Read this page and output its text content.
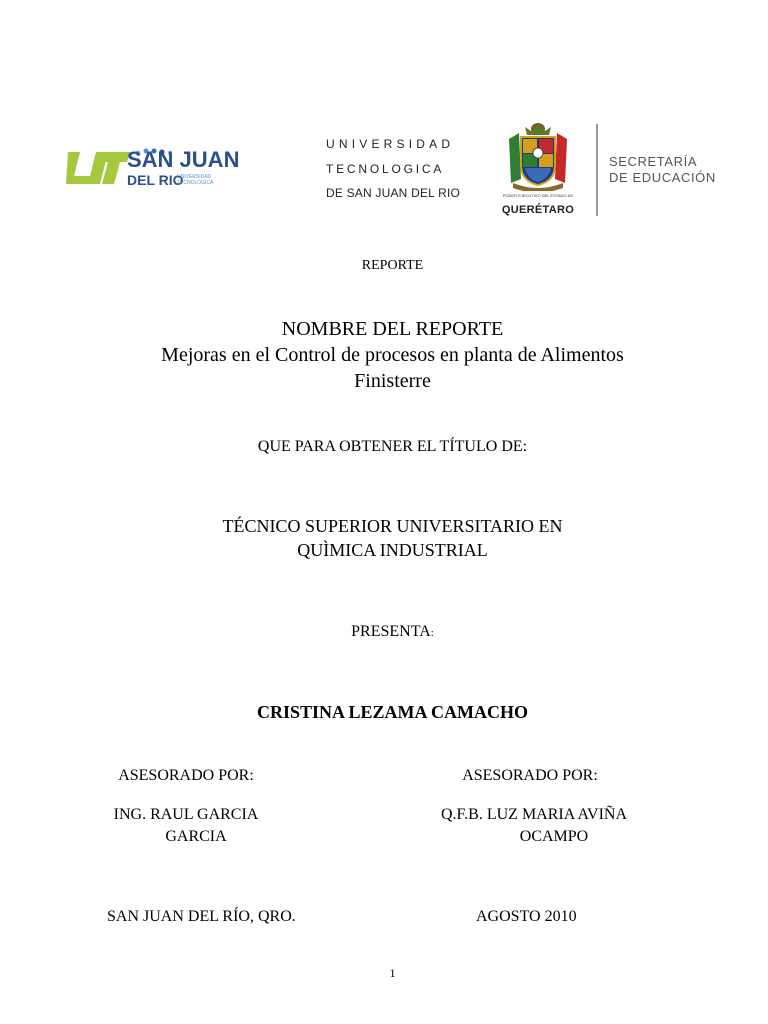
SAN JUAN
DEL RIO
UNIVERSIDAD TECNOLÓGICA
UNIVERSIDAD
TECNOLOGICA
DE SAN JUAN DEL RIO	PODER EJECUTIVO DEL ESTADO DE
QUERÉTARO
SECRETARÍA
DE EDUCACIÓN
REPORTE
NOMBRE DEL REPORTE
Mejoras en el Control de procesos en planta de Alimentos
Finisterre
QUE PARA OBTENER EL TÍTULO DE:
TÉCNICO SUPERIOR UNIVERSITARIO EN
QUÌMICA INDUSTRIAL
PRESENTA:
CRISTINA LEZAMA CAMACHO
ASESORADO POR:
ING. RAUL GARCIA
GARCIA
ASESORADO POR:
Q.F.B. LUZ MARIA AVIÑA
OCAMPO
SAN JUAN DEL RÍO, QRO.	AGOSTO 2010
1
